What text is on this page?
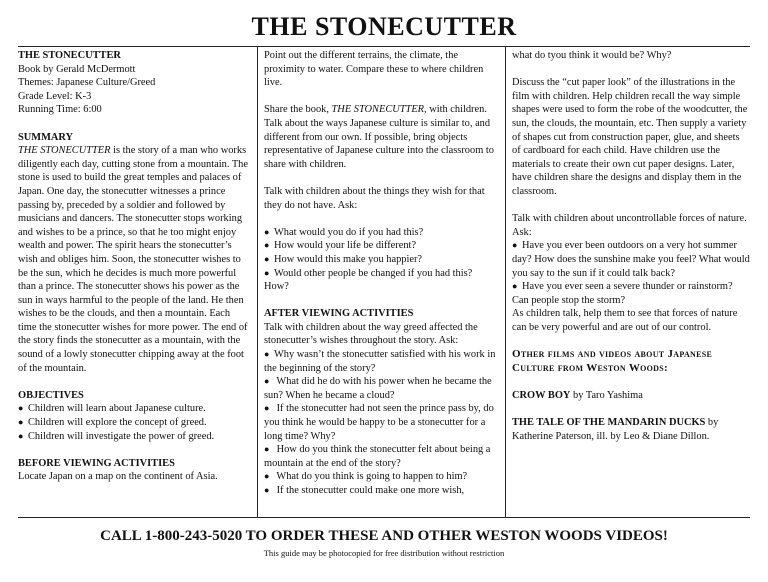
THE STONECUTTER

THE STONECUTTER

Book by Gerald McDermott

Themes: Japanese Culture/Greed

Grade Level: K-3

Running Time: 6:00

SUMMARY

THE STONECUTTER is the story of a man who works diligently each day, cutting stone from a mountain. The stone is used to build the great temples and palaces of Japan. One day, the stonecutter witnesses a prince passing by, preceded by a soldier and followed by musicians and dancers. The stonecutter stops working and wishes to be a prince, so that he too might enjoy wealth and power. The spirit hears the stonecutter’s wish and obliges him. Soon, the stonecutter wishes to be the sun, which he decides is much more powerful than a prince. The stonecutter shows his power as the sun in ways harmful to the people of the land. He then wishes to be the clouds, and then a mountain. Each time the stonecutter wishes for more power. The end of the story finds the stonecutter as a mountain, with the sound of a lowly stonecutter chipping away at the foot of the mountain.

OBJECTIVES

● Children will learn about Japanese culture.

● Children will explore the concept of greed.

● Children will investigate the power of greed.

BEFORE VIEWING ACTIVITIES

Locate Japan on a map on the continent of Asia.

Point out the different terrains, the climate, the proximity to water. Compare these to where children live.

Share the book, THE STONECUTTER, with children. Talk about the ways Japanese culture is similar to, and different from our own. If possible, bring objects representative of Japanese culture into the classroom to share with children.

Talk with children about the things they wish for that they do not have. Ask:

● What would you do if you had this?

● How would your life be different?

● How would this make you happier?

● Would other people be changed if you had this? How?

AFTER VIEWING ACTIVITIES

Talk with children about the way greed affected the stonecutter’s wishes throughout the story. Ask:

● Why wasn’t the stonecutter satisfied with his work in the beginning of the story?

● What did he do with his power when he became the sun? When he became a cloud?

● If the stonecutter had not seen the prince pass by, do you think he would be happy to be a stonecutter for a long time? Why?

● How do you think the stonecutter felt about being a mountain at the end of the story?

● What do you think is going to happen to him?

● If the stonecutter could make one more wish,

what do tyou think it would be? Why?

Discuss the “cut paper look” of the illustrations in the film with children. Help children recall the way simple shapes were used to form the robe of the woodcutter, the sun, the clouds, the mountain, etc. Then supply a variety of shapes cut from construction paper, glue, and sheets of cardboard for each child. Have children use the materials to create their own cut paper designs. Later, have children share the designs and display them in the classroom.

Talk with children about uncontrollable forces of nature. Ask:

● Have you ever been outdoors on a very hot summer day? How does the sunshine make you feel? What would you say to the sun if it could talk back?

● Have you ever seen a severe thunder or rainstorm? Can people stop the storm?

As children talk, help them to see that forces of nature can be very powerful and are out of our control.

Other films and videos about Japanese Culture from Weston Woods:

CROW BOY by Taro Yashima

THE TALE OF THE MANDARIN DUCKS by Katherine Paterson, ill. by Leo & Diane Dillon.

CALL 1-800-243-5020 TO ORDER THESE AND OTHER WESTON WOODS VIDEOS!

This guide may be photocopied for free distribution without restriction
